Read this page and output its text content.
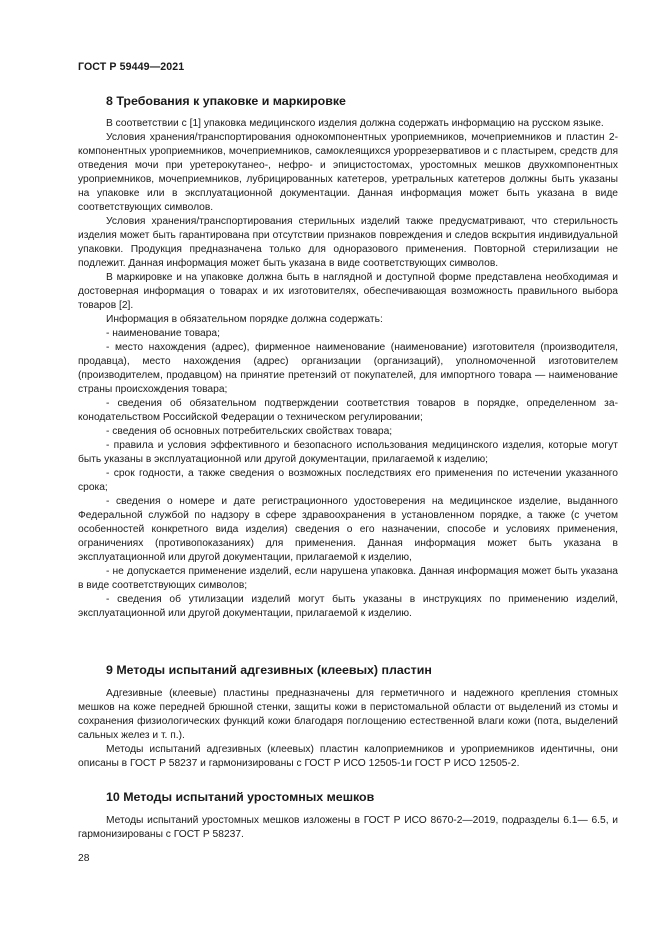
ГОСТ Р 59449—2021
8 Требования к упаковке и маркировке

В соответствии с [1] упаковка медицинского изделия должна содержать информацию на русском языке.

Условия хранения/транспортирования однокомпонентных уроприемников, мочеприемников и пластин 2-компонентных уроприемников, мочеприемников, самоклеящихся урopрезервативов и с пластырем, средств для отведения мочи при уретерокутанео-, нефро- и эпицистостомах, уростомных мешков двухкомпонентных уроприемников, мочеприемников, лубрицированных катетеров, уретральных катетеров должны быть указаны на упаковке или в эксплуатационной документации. Данная информация может быть указана в виде соответствующих символов.

Условия хранения/транспортирования стерильных изделий также предусматривают, что стерильность изделия может быть гарантирована при отсутствии признаков повреждения и следов вскрытия индивидуальной упаковки. Продукция предназначена только для одноразового применения. Повторной стерилизации не подлежит. Данная информация может быть указана в виде соответствующих символов.

В маркировке и на упаковке должна быть в наглядной и доступной форме представлена необходимая и достоверная информация о товарах и их изготовителях, обеспечивающая возможность правильного выбора товаров [2].

Информация в обязательном порядке должна содержать:

- наименование товара;

- место нахождения (адрес), фирменное наименование (наименование) изготовителя (производителя, продавца), место нахождения (адрес) организации (организаций), уполномоченной изготовителем (производителем, продавцом) на принятие претензий от покупателей, для импортного товара — наименование страны происхождения товара;

- сведения об обязательном подтверждении соответствия товаров в порядке, определенном законодательством Российской Федерации о техническом регулировании;

- сведения об основных потребительских свойствах товара;

- правила и условия эффективного и безопасного использования медицинского изделия, которые могут быть указаны в эксплуатационной или другой документации, прилагаемой к изделию;

- срок годности, а также сведения о возможных последствиях его применения по истечении указанного срока;

- сведения о номере и дате регистрационного удостоверения на медицинское изделие, выданного Федеральной службой по надзору в сфере здравоохранения в установленном порядке, а также (с учетом особенностей конкретного вида изделия) сведения о его назначении, способе и условиях применения, ограничениях (противопоказаниях) для применения. Данная информация может быть указана в эксплуатационной или другой документации, прилагаемой к изделию,

- не допускается применение изделий, если нарушена упаковка. Данная информация может быть указана в виде соответствующих символов;

- сведения об утилизации изделий могут быть указаны в инструкциях по применению изделий, эксплуатационной или другой документации, прилагаемой к изделию.

9 Методы испытаний адгезивных (клеевых) пластин

Адгезивные (клеевые) пластины предназначены для герметичного и надежного крепления стомных мешков на коже передней брюшной стенки, защиты кожи в перистомальной области от выделений из стомы и сохранения физиологических функций кожи благодаря поглощению естественной влаги кожи (пота, выделений сальных желез и т. п.).

Методы испытаний адгезивных (клеевых) пластин калоприемников и уроприемников идентичны, они описаны в ГОСТ Р 58237 и гармонизированы с ГОСТ Р ИСО 12505-1и ГОСТ Р ИСО 12505-2.

10 Методы испытаний уростомных мешков

Методы испытаний уростомных мешков изложены в ГОСТ Р ИСО 8670-2—2019, подразделы 6.1— 6.5, и гармонизированы с ГОСТ Р 58237.

28
